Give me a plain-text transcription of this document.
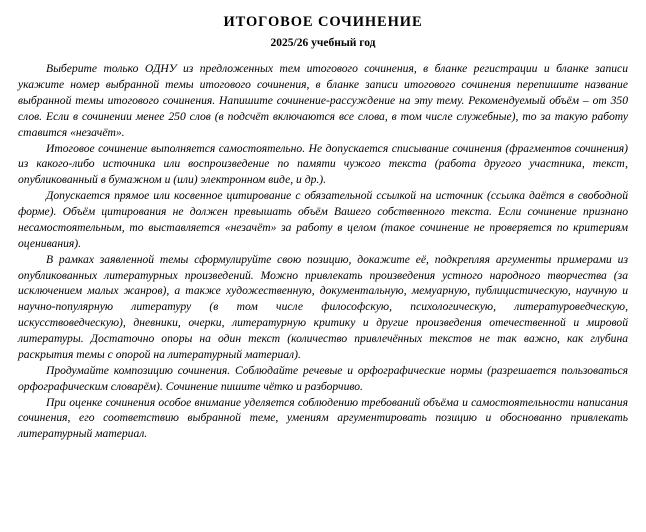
ИТОГОВОЕ СОЧИНЕНИЕ
2025/26 учебный год

Выберите только ОДНУ из предложенных тем итогового сочинения, в бланке регистрации и бланке записи укажите номер выбранной темы итогового сочинения, в бланке записи итогового сочинения перепишите название выбранной темы итогового сочинения. Напишите сочинение-рассуждение на эту тему. Рекомендуемый объём – от 350 слов. Если в сочинении менее 250 слов (в подсчёт включаются все слова, в том числе служебные), то за такую работу ставится «незачёт».

Итоговое сочинение выполняется самостоятельно. Не допускается списывание сочинения (фрагментов сочинения) из какого-либо источника или воспроизведение по памяти чужого текста (работа другого участника, текст, опубликованный в бумажном и (или) электронном виде, и др.).

Допускается прямое или косвенное цитирование с обязательной ссылкой на источник (ссылка даётся в свободной форме). Объём цитирования не должен превышать объём Вашего собственного текста. Если сочинение признано несамостоятельным, то выставляется «незачёт» за работу в целом (такое сочинение не проверяется по критериям оценивания).

В рамках заявленной темы сформулируйте свою позицию, докажите её, подкрепляя аргументы примерами из опубликованных литературных произведений. Можно привлекать произведения устного народного творчества (за исключением малых жанров), а также художественную, документальную, мемуарную, публицистическую, научную и научно-популярную литературу (в том числе философскую, психологическую, литературоведческую, искусствоведческую), дневники, очерки, литературную критику и другие произведения отечественной и мировой литературы. Достаточно опоры на один текст (количество привлечённых текстов не так важно, как глубина раскрытия темы с опорой на литературный материал).

Продумайте композицию сочинения. Соблюдайте речевые и орфографические нормы (разрешается пользоваться орфографическим словарём). Сочинение пишите чётко и разборчиво.

При оценке сочинения особое внимание уделяется соблюдению требований объёма и самостоятельности написания сочинения, его соответствию выбранной теме, умениям аргументировать позицию и обоснованно привлекать литературный материал.
